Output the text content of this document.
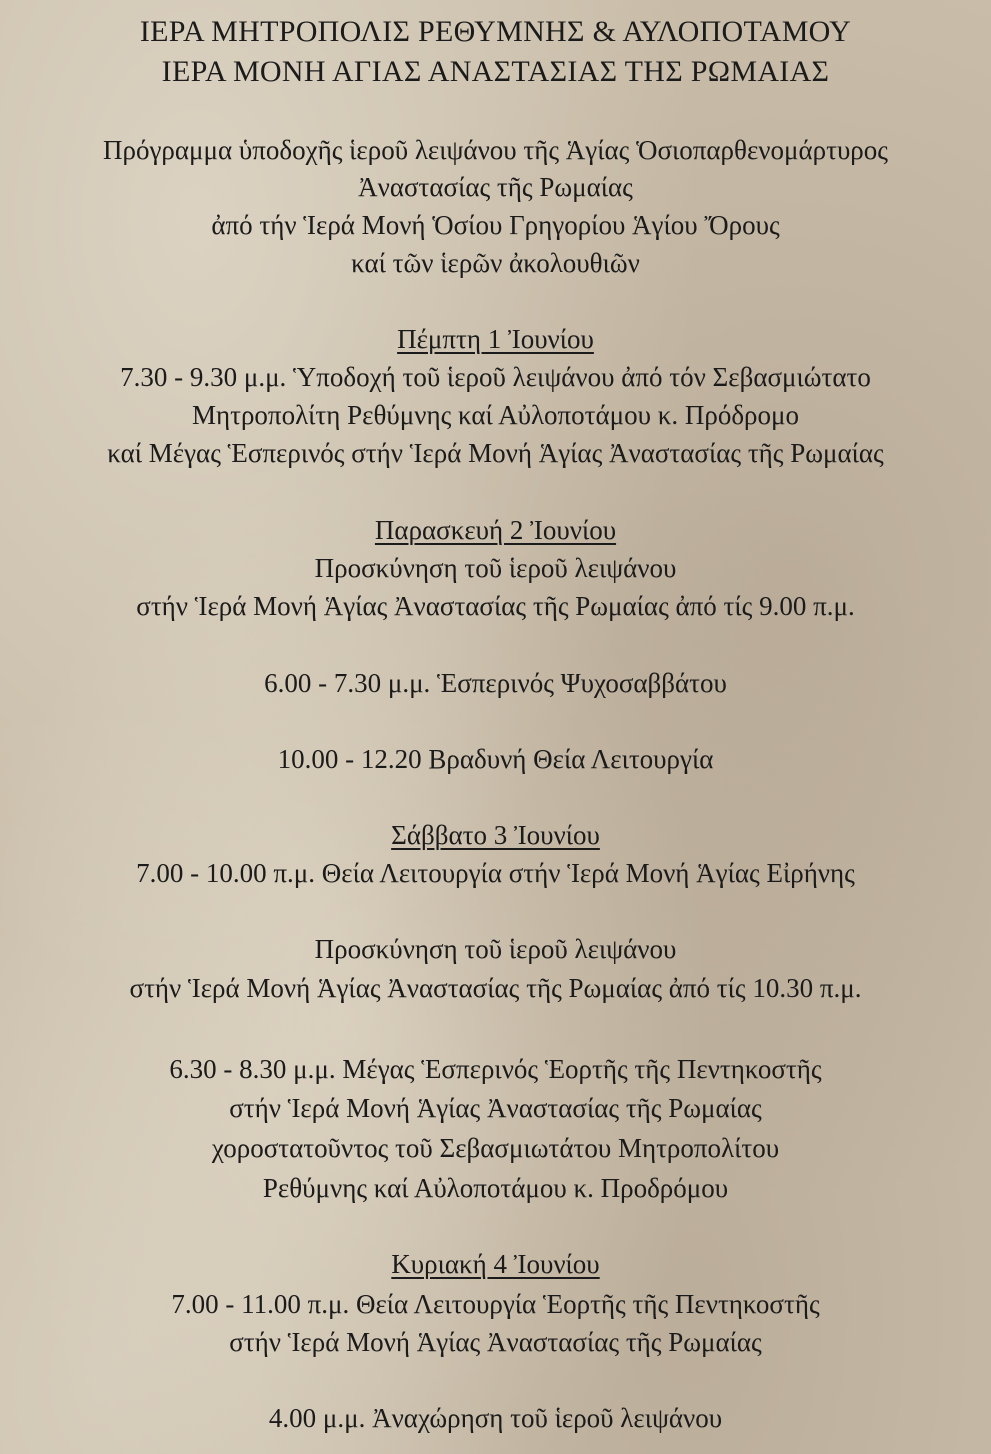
ΙΕΡΑ ΜΗΤΡΟΠΟΛΙΣ ΡΕΘΥΜΝΗΣ & ΑΥΛΟΠΟΤΑΜΟΥ
ΙΕΡΑ ΜΟΝΗ ΑΓΙΑΣ ΑΝΑΣΤΑΣΙΑΣ ΤΗΣ ΡΩΜΑΙΑΣ
Πρόγραμμα ὑποδοχῆς ἱεροῦ λειψάνου τῆς Ἁγίας Ὁσιοπαρθενομάρτυρος
Ἀναστασίας τῆς Ρωμαίας
ἀπό τήν Ἱερά Μονή Ὁσίου Γρηγορίου Ἁγίου Ὄρους
καί τῶν ἱερῶν ἀκολουθιῶν
Πέμπτη 1 Ἰουνίου
7.30 - 9.30 μ.μ. Ὑποδοχή τοῦ ἱεροῦ λειψάνου ἀπό τόν Σεβασμιώτατο
Μητροπολίτη Ρεθύμνης καί Αὐλοποτάμου κ. Πρόδρομο
καί Μέγας Ἑσπερινός στήν Ἱερά Μονή Ἁγίας Ἀναστασίας τῆς Ρωμαίας
Παρασκευή 2 Ἰουνίου
Προσκύνηση τοῦ ἱεροῦ λειψάνου
στήν Ἱερά Μονή Ἁγίας Ἀναστασίας τῆς Ρωμαίας ἀπό τίς 9.00 π.μ.
6.00 - 7.30 μ.μ. Ἑσπερινός Ψυχοσαββάτου
10.00 - 12.20 Βραδυνή Θεία Λειτουργία
Σάββατο 3 Ἰουνίου
7.00 - 10.00 π.μ. Θεία Λειτουργία στήν Ἱερά Μονή Ἁγίας Εἰρήνης
Προσκύνηση τοῦ ἱεροῦ λειψάνου
στήν Ἱερά Μονή Ἁγίας Ἀναστασίας τῆς Ρωμαίας ἀπό τίς 10.30 π.μ.
6.30 - 8.30 μ.μ. Μέγας Ἑσπερινός Ἑορτῆς τῆς Πεντηκοστῆς
στήν Ἱερά Μονή Ἁγίας Ἀναστασίας τῆς Ρωμαίας
χοροστατοῦντος τοῦ Σεβασμιωτάτου Μητροπολίτου
Ρεθύμνης καί Αὐλοποτάμου κ. Προδρόμου
Κυριακή 4 Ἰουνίου
7.00 - 11.00 π.μ. Θεία Λειτουργία Ἑορτῆς τῆς Πεντηκοστῆς
στήν Ἱερά Μονή Ἁγίας Ἀναστασίας τῆς Ρωμαίας
4.00 μ.μ. Ἀναχώρηση τοῦ ἱεροῦ λειψάνου
